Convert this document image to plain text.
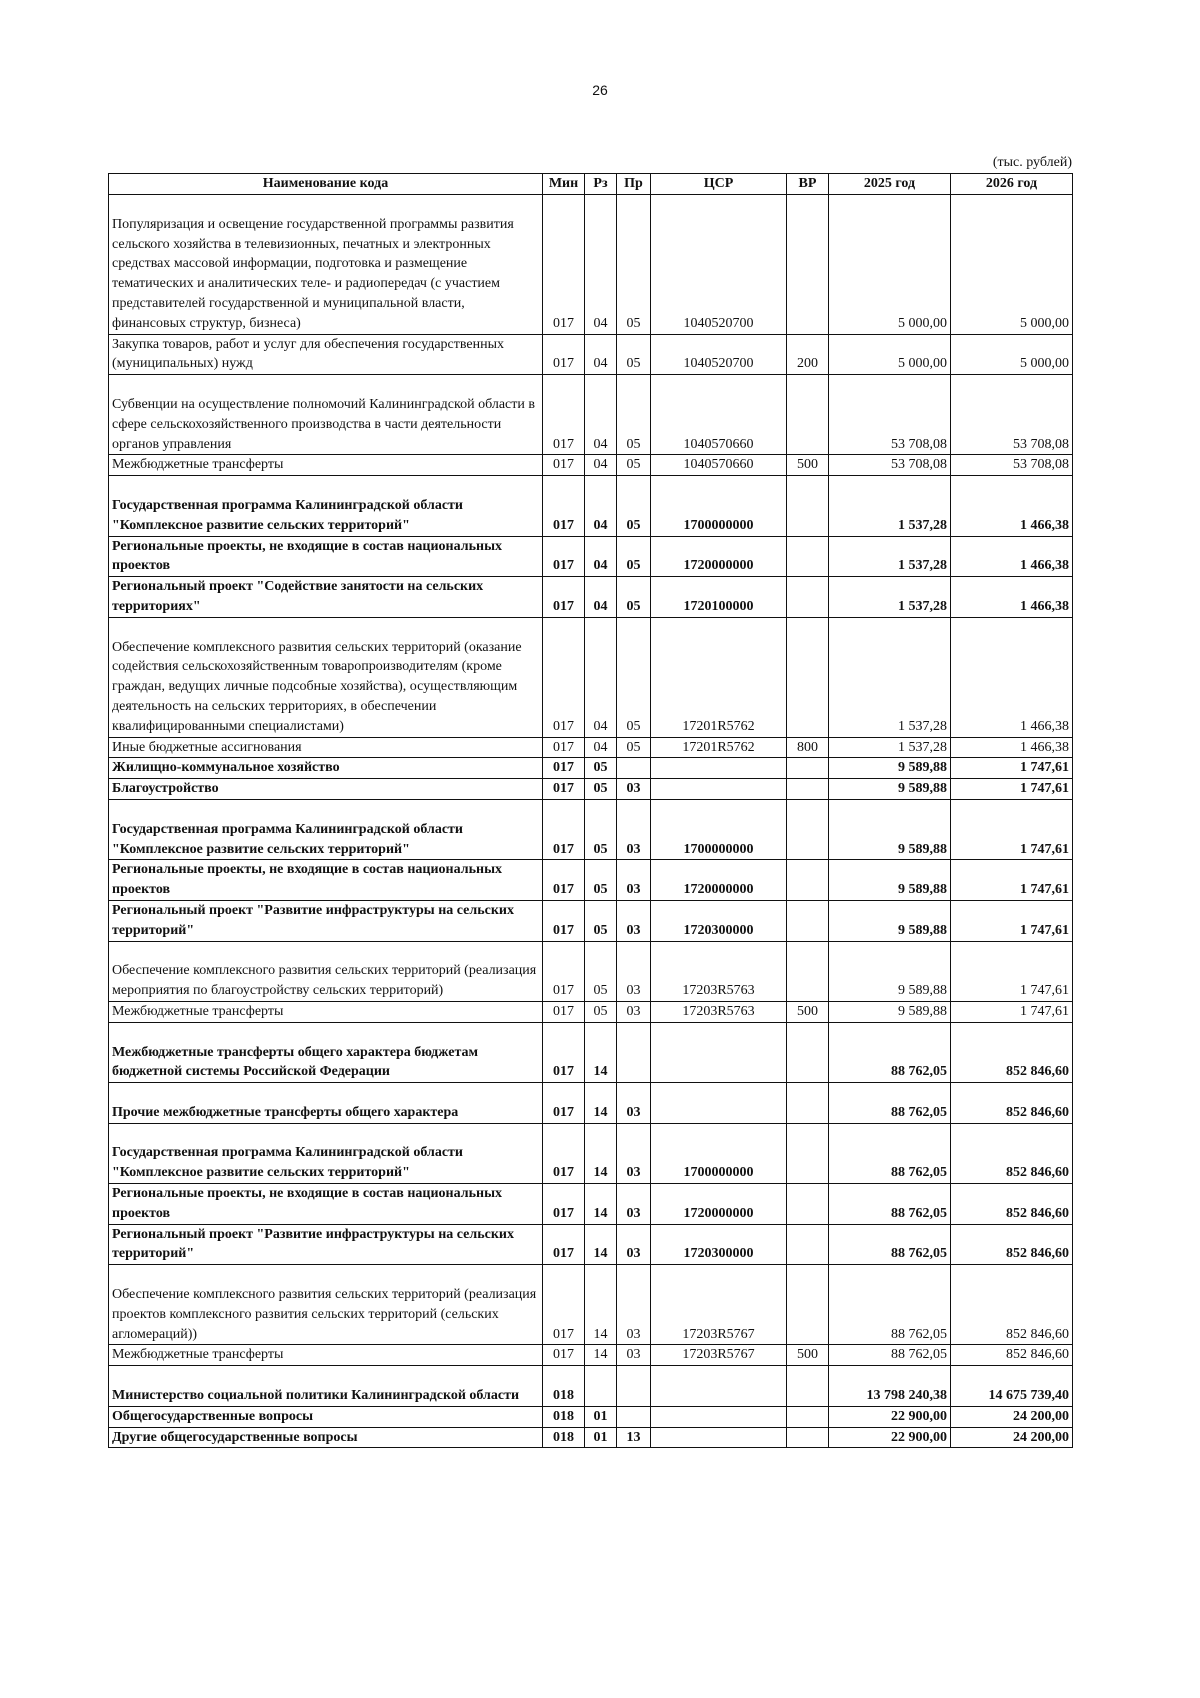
26
(тыс. рублей)
Наименование кода	Мин	Рз	Пр	ЦСР	ВР	2025 год	2026 год
Популяризация и освещение государственной программы развития сельского хозяйства в телевизионных, печатных и электронных средствах массовой информации, подготовка и размещение тематических и аналитических теле- и радиопередач (с участием представителей государственной и муниципальной власти, финансовых структур, бизнеса)	017	04	05	1040520700		5 000,00	5 000,00
Закупка товаров, работ и услуг для обеспечения государственных (муниципальных) нужд	017	04	05	1040520700	200	5 000,00	5 000,00
Субвенции на осуществление полномочий Калининградской области в сфере сельскохозяйственного производства в части деятельности органов управления	017	04	05	1040570660		53 708,08	53 708,08
Межбюджетные трансферты	017	04	05	1040570660	500	53 708,08	53 708,08
Государственная программа Калининградской области "Комплексное развитие сельских территорий"	017	04	05	1700000000		1 537,28	1 466,38
Региональные проекты, не входящие в состав национальных проектов	017	04	05	1720000000		1 537,28	1 466,38
Региональный проект "Содействие занятости на сельских территориях"	017	04	05	1720100000		1 537,28	1 466,38
Обеспечение комплексного развития сельских территорий (оказание содействия сельскохозяйственным товаропроизводителям (кроме граждан, ведущих личные подсобные хозяйства), осуществляющим деятельность на сельских территориях, в обеспечении квалифицированными специалистами)	017	04	05	17201R5762		1 537,28	1 466,38
Иные бюджетные ассигнования	017	04	05	17201R5762	800	1 537,28	1 466,38
Жилищно-коммунальное хозяйство	017	05				9 589,88	1 747,61
Благоустройство	017	05	03			9 589,88	1 747,61
Государственная программа Калининградской области "Комплексное развитие сельских территорий"	017	05	03	1700000000		9 589,88	1 747,61
Региональные проекты, не входящие в состав национальных проектов	017	05	03	1720000000		9 589,88	1 747,61
Региональный проект "Развитие инфраструктуры на сельских территорий"	017	05	03	1720300000		9 589,88	1 747,61
Обеспечение комплексного развития сельских территорий (реализация мероприятия по благоустройству сельских территорий)	017	05	03	17203R5763		9 589,88	1 747,61
Межбюджетные трансферты	017	05	03	17203R5763	500	9 589,88	1 747,61
Межбюджетные трансферты общего характера бюджетам бюджетной системы Российской Федерации	017	14				88 762,05	852 846,60
Прочие межбюджетные трансферты общего характера	017	14	03			88 762,05	852 846,60
Государственная программа Калининградской области "Комплексное развитие сельских территорий"	017	14	03	1700000000		88 762,05	852 846,60
Региональные проекты, не входящие в состав национальных проектов	017	14	03	1720000000		88 762,05	852 846,60
Региональный проект "Развитие инфраструктуры на сельских территорий"	017	14	03	1720300000		88 762,05	852 846,60
Обеспечение комплексного развития сельских территорий (реализация проектов комплексного развития сельских территорий (сельских агломераций))	017	14	03	17203R5767		88 762,05	852 846,60
Межбюджетные трансферты	017	14	03	17203R5767	500	88 762,05	852 846,60
Министерство социальной политики Калининградской области	018					13 798 240,38	14 675 739,40
Общегосударственные вопросы	018	01				22 900,00	24 200,00
Другие общегосударственные вопросы	018	01	13			22 900,00	24 200,00
